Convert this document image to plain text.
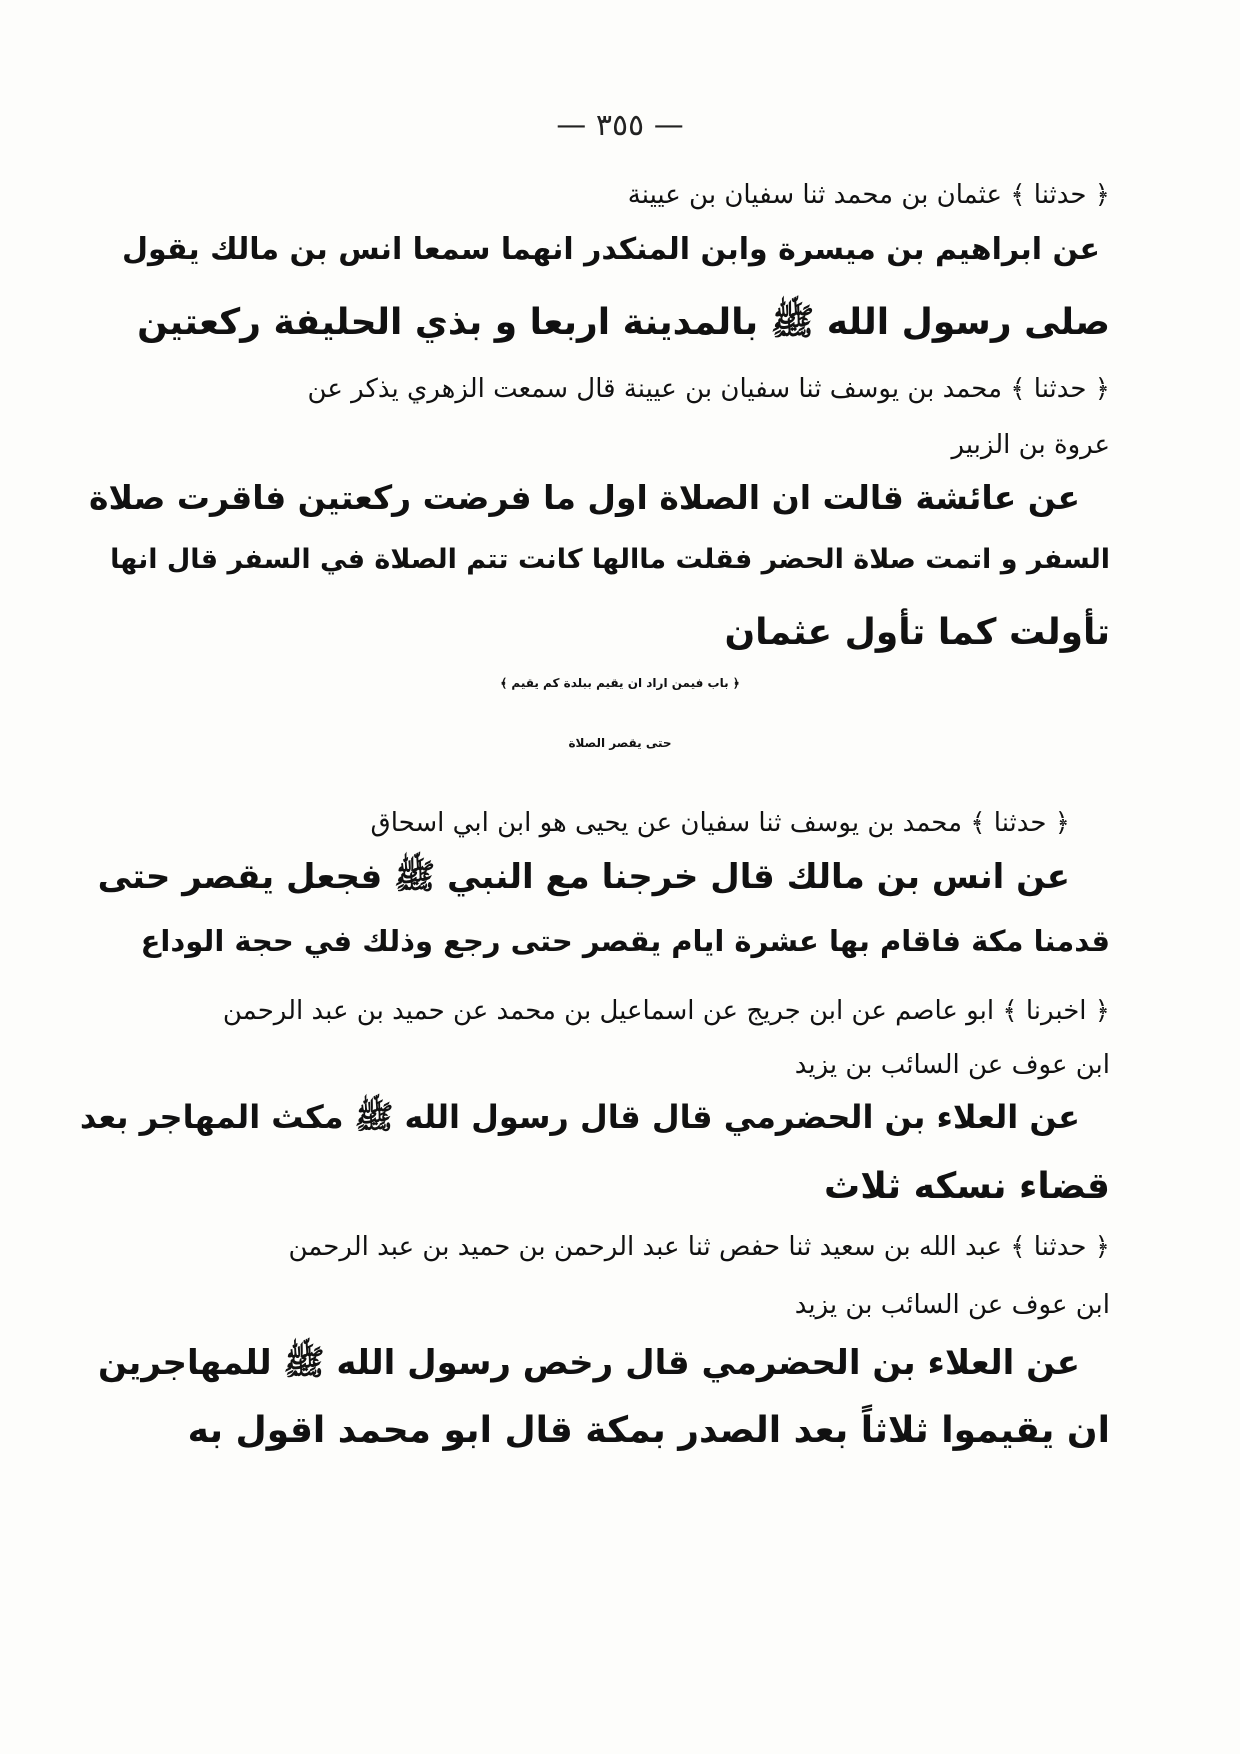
— ٣٥٥ —
﴿ حدثنا ﴾ عثمان بن محمد ثنا سفيان بن عيينة
عن ابراهيم بن ميسرة وابن المنكدر انهما سمعا انس بن مالك يقول
صلى رسول الله ﷺ بالمدينة اربعا و بذي الحليفة ركعتين
﴿ حدثنا ﴾ محمد بن يوسف ثنا سفيان بن عيينة قال سمعت الزهري يذكر عن
عروة بن الزبير
عن عائشة قالت ان الصلاة اول ما فرضت ركعتين فاقرت صلاة
السفر و اتمت صلاة الحضر فقلت ماالها كانت تتم الصلاة في السفر قال انها
تأولت كما تأول عثمان
﴿ باب فيمن اراد ان يقيم ببلدة كم يقيم ﴾
حتى يقصر الصلاة
﴿ حدثنا ﴾ محمد بن يوسف ثنا سفيان عن يحيى هو ابن ابي اسحاق
عن انس بن مالك قال خرجنا مع النبي ﷺ فجعل يقصر حتى
قدمنا مكة فاقام بها عشرة ايام يقصر حتى رجع وذلك في حجة الوداع
﴿ اخبرنا ﴾ ابو عاصم عن ابن جريج عن اسماعيل بن محمد عن حميد بن عبد الرحمن
ابن عوف عن السائب بن يزيد
عن العلاء بن الحضرمي قال قال رسول الله ﷺ مكث المهاجر بعد
قضاء نسكه ثلاث
﴿ حدثنا ﴾ عبد الله بن سعيد ثنا حفص ثنا عبد الرحمن بن حميد بن عبد الرحمن
ابن عوف عن السائب بن يزيد
عن العلاء بن الحضرمي قال رخص رسول الله ﷺ للمهاجرين
ان يقيموا ثلاثاً بعد الصدر بمكة قال ابو محمد اقول به
